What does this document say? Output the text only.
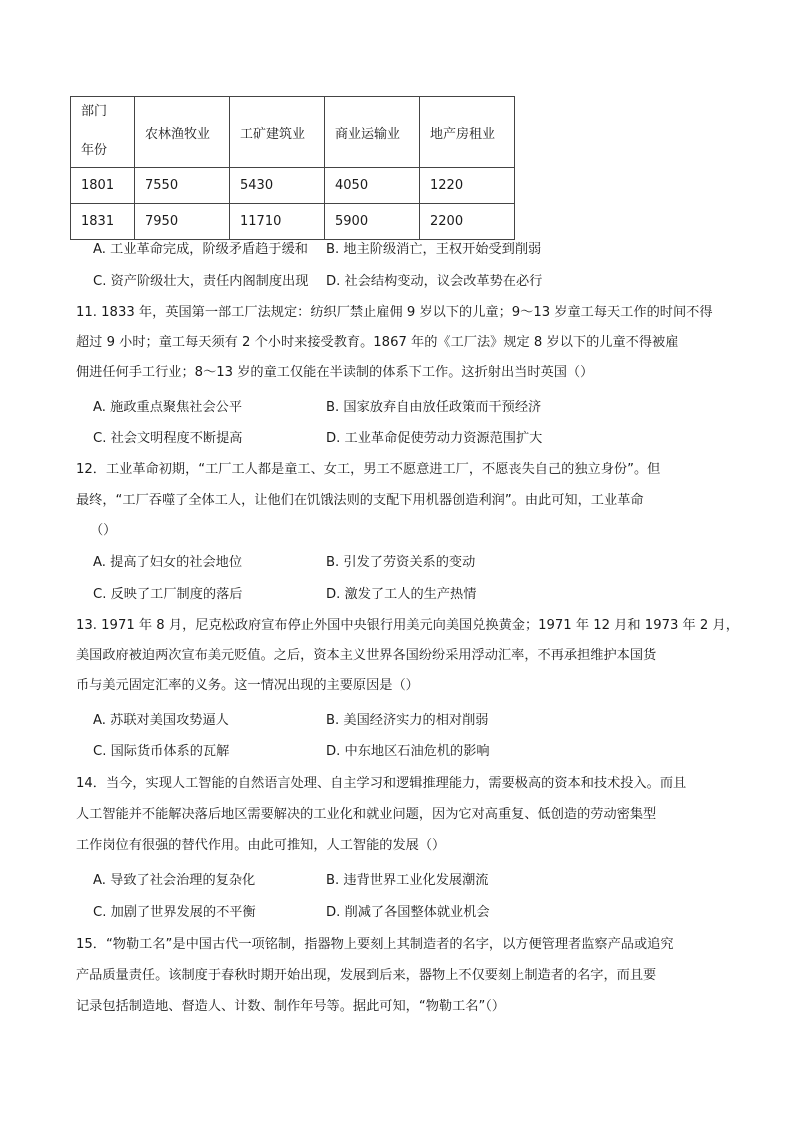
部门
年份	农林渔牧业	工矿建筑业	商业运输业	地产房租业
1801	7550	5430	4050	1220
1831	7950	11710	5900	2200
A. 工业革命完成，阶级矛盾趋于缓和 B. 地主阶级消亡，王权开始受到削弱
C. 资产阶级壮大，责任内阁制度出现 D. 社会结构变动，议会改革势在必行
11. 1833 年，英国第一部工厂法规定：纺织厂禁止雇佣 9 岁以下的儿童；9～13 岁童工每天工作的时间不得
超过 9 小时；童工每天须有 2 个小时来接受教育。1867 年的《工厂法》规定 8 岁以下的儿童不得被雇
佣进任何手工行业；8～13 岁的童工仅能在半读制的体系下工作。这折射出当时英国（）
A. 施政重点聚焦社会公平	B. 国家放弃自由放任政策而干预经济
C. 社会文明程度不断提高	D. 工业革命促使劳动力资源范围扩大
12．工业革命初期，“工厂工人都是童工、女工，男工不愿意进工厂，不愿丧失自己的独立身份”。但
最终，“工厂吞噬了全体工人，让他们在饥饿法则的支配下用机器创造利润”。由此可知，工业革命
（）
A. 提高了妇女的社会地位	B. 引发了劳资关系的变动
C. 反映了工厂制度的落后	D. 激发了工人的生产热情
13. 1971 年 8 月，尼克松政府宣布停止外国中央银行用美元向美国兑换黄金；1971 年 12 月和 1973 年 2 月，
美国政府被迫两次宣布美元贬值。之后，资本主义世界各国纷纷采用浮动汇率，不再承担维护本国货
币与美元固定汇率的义务。这一情况出现的主要原因是（）
A. 苏联对美国攻势逼人	B. 美国经济实力的相对削弱
C. 国际货币体系的瓦解	D. 中东地区石油危机的影响
14．当今，实现人工智能的自然语言处理、自主学习和逻辑推理能力，需要极高的资本和技术投入。而且
人工智能并不能解决落后地区需要解决的工业化和就业问题，因为它对高重复、低创造的劳动密集型
工作岗位有很强的替代作用。由此可推知，人工智能的发展（）
A. 导致了社会治理的复杂化	B. 违背世界工业化发展潮流
C. 加剧了世界发展的不平衡	D. 削减了各国整体就业机会
15．“物勒工名”是中国古代一项铭制，指器物上要刻上其制造者的名字，以方便管理者监察产品或追究
产品质量责任。该制度于春秋时期开始出现，发展到后来，器物上不仅要刻上制造者的名字，而且要
记录包括制造地、督造人、计数、制作年号等。据此可知，“物勒工名”（）
